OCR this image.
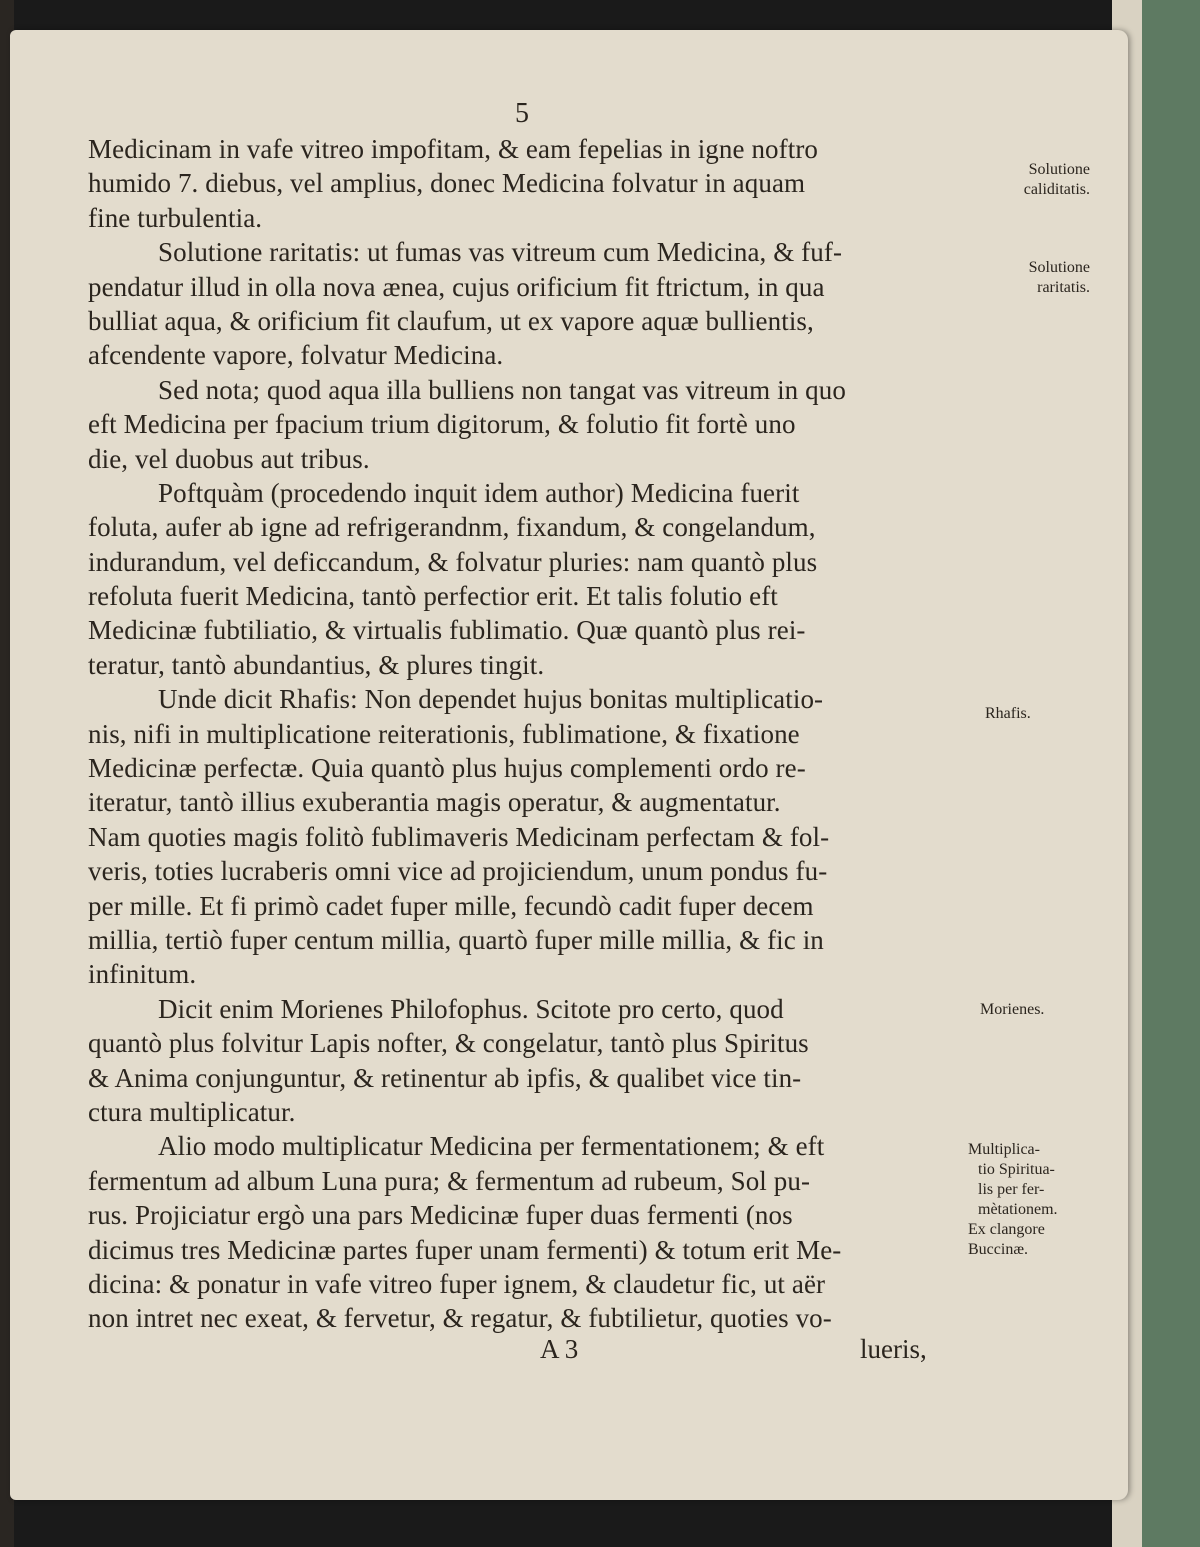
5
Medicinam in vafe vitreo impofitam, & eam fepelias in igne noftro
humido 7. diebus, vel amplius, donec Medicina folvatur in aquam
fine turbulentia.
Solutione raritatis: ut fumas vas vitreum cum Medicina, & fuf-
pendatur illud in olla nova ænea, cujus orificium fit ftrictum, in qua
bulliat aqua, & orificium fit claufum, ut ex vapore aquæ bullientis,
afcendente vapore, folvatur Medicina.
Sed nota; quod aqua illa bulliens non tangat vas vitreum in quo
eft Medicina per fpacium trium digitorum, & folutio fit fortè uno
die, vel duobus aut tribus.
Poftquàm (procedendo inquit idem author) Medicina fuerit
foluta, aufer ab igne ad refrigerandnm, fixandum, & congelandum,
indurandum, vel deficcandum, & folvatur pluries: nam quantò plus
refoluta fuerit Medicina, tantò perfectior erit. Et talis folutio eft
Medicinæ fubtiliatio, & virtualis fublimatio. Quæ quantò plus rei-
teratur, tantò abundantius, & plures tingit.
Unde dicit Rhafis: Non dependet hujus bonitas multiplicatio-
nis, nifi in multiplicatione reiterationis, fublimatione, & fixatione
Medicinæ perfectæ. Quia quantò plus hujus complementi ordo re-
iteratur, tantò illius exuberantia magis operatur, & augmentatur.
Nam quoties magis folitò fublimaveris Medicinam perfectam & fol-
veris, toties lucraberis omni vice ad projiciendum, unum pondus fu-
per mille. Et fi primò cadet fuper mille, fecundò cadit fuper decem
millia, tertiò fuper centum millia, quartò fuper mille millia, & fic in
infinitum.
Dicit enim Morienes Philofophus. Scitote pro certo, quod
quantò plus folvitur Lapis nofter, & congelatur, tantò plus Spiritus
& Anima conjunguntur, & retinentur ab ipfis, & qualibet vice tin-
ctura multiplicatur.
Alio modo multiplicatur Medicina per fermentationem; & eft
fermentum ad album Luna pura; & fermentum ad rubeum, Sol pu-
rus. Projiciatur ergò una pars Medicinæ fuper duas fermenti (nos
dicimus tres Medicinæ partes fuper unam fermenti) & totum erit Me-
dicina: & ponatur in vafe vitreo fuper ignem, & claudetur fic, ut aër
non intret nec exeat, & fervetur, & regatur, & fubtilietur, quoties vo-
Solutione
caliditatis.
Solutione
raritatis.
Rhafis.
Morienes.
Multiplica-
tio Spiritua-
lis per fer-
mètationem.
Ex clangore
Buccinæ.
A 3	lueris,
